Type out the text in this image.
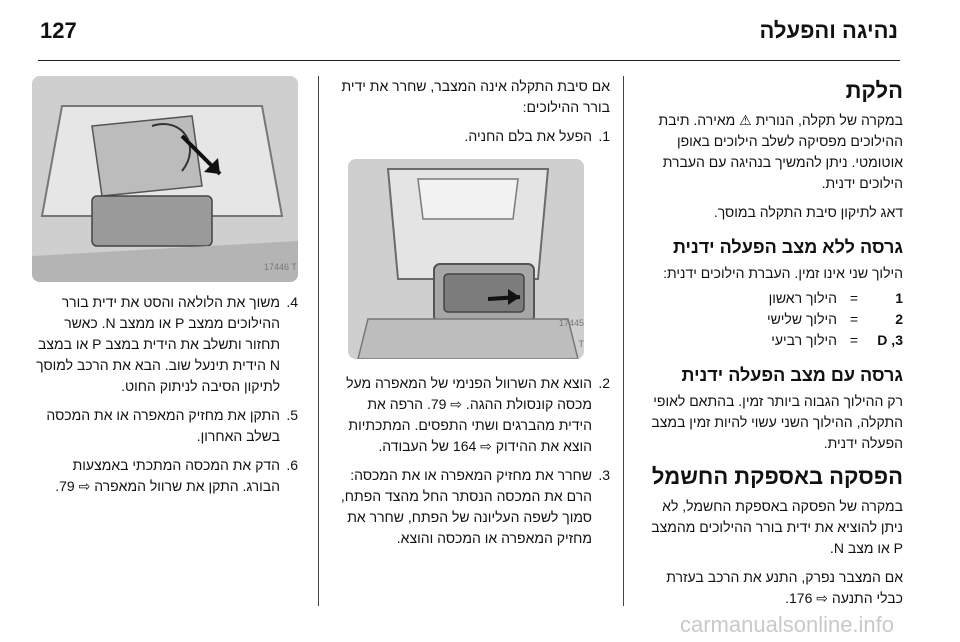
127	נהיגה והפעלה
הלקת

במקרה של תקלה, הנורית ⚠ מאירה. תיבת ההילוכים מפסיקה לשלב הילוכים באופן אוטומטי. ניתן להמשיך בנהיגה עם העברת הילוכים ידנית.

דאג לתיקון סיבת התקלה במוסך.

גרסה ללא מצב הפעלה ידנית

הילוך שני אינו זמין. העברת הילוכים ידנית:

1
=
הילוך ראשון
2
=
הילוך שלישי
3, D
=
הילוך רביעי
גרסה עם מצב הפעלה ידנית

רק ההילוך הגבוה ביותר זמין. בהתאם לאופי התקלה, ההילוך השני עשוי להיות זמין במצב הפעלה ידנית.

הפסקה באספקת החשמל

במקרה של הפסקה באספקת החשמל, לא ניתן להוציא את ידית בורר ההילוכים מהמצב P או מצב N.

אם המצבר נפרק, התנע את הרכב בעזרת כבלי התנעה ⇨ 176.

אם סיבת התקלה אינה המצבר, שחרר את ידית בורר ההילוכים:

1.
הפעל את בלם החניה.
17445 T
2.
הוצא את השרוול הפנימי של המאפרה מעל מכסה קונסולת ההגה. ⇨ 79. הרפה את הידית מהברגים ושתי התפסים. המתכתיות הוצא את ההידוק ⇨ 164 של העבודה.
3.
שחרר את מחזיק המאפרה או את המכסה: הרם את המכסה הנסתר החל מהצד הפתח, סמוך לשפה העליונה של הפתח, שחרר את מחזיק המאפרה או המכסה והוצא.
17446 T
4.
משוך את הלולאה והסט את ידית בורר ההילוכים ממצב P או ממצב N. כאשר תחזור ותשלב את הידית במצב P או במצב N הידית תינעל שוב. הבא את הרכב למוסך לתיקון הסיבה לניתוק החוט.
5.
התקן את מחזיק המאפרה או את המכסה בשלב האחרון.
6.
הדק את המכסה המתכתי באמצעות הבורג. התקן את שרוול המאפרה ⇨ 79.
carmanualsonline.info
